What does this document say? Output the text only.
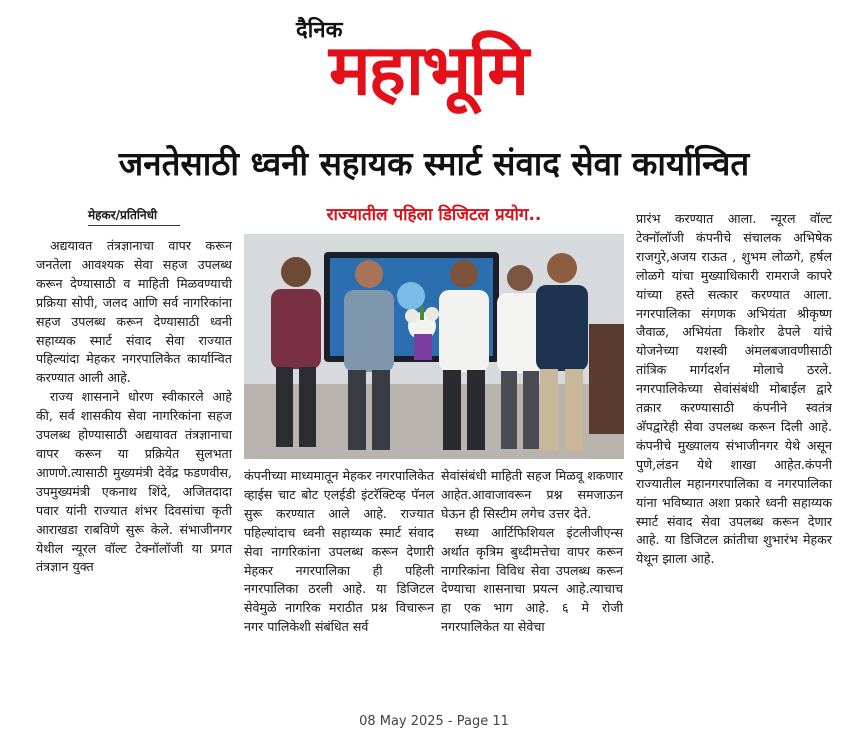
दैनिक
महाभूमि
जनतेसाठी ध्वनी सहायक स्मार्ट संवाद सेवा कार्यान्वित
मेहकर/प्रतिनिधी	राज्यातील पहिला डिजिटल प्रयोग..

अद्ययावत तंत्रज्ञानाचा वापर करून जनतेला आवश्यक सेवा सहज उपलब्ध करून देण्यासाठी व माहिती मिळवण्याची प्रक्रिया सोपी, जलद आणि सर्व नागरिकांना सहज उपलब्ध करून देण्यासाठी ध्वनी सहाय्यक स्मार्ट संवाद सेवा राज्यात पहिल्यांदा मेहकर नगरपालिकेत कार्यान्वित करण्यात आली आहे.

राज्य शासनाने धोरण स्वीकारले आहे की, सर्व शासकीय सेवा नागरिकांना सहज उपलब्ध होण्यासाठी अद्ययावत तंत्रज्ञानाचा वापर करून या प्रक्रियेत सुलभता आणणे.त्यासाठी मुख्यमंत्री देवेंद्र फडणवीस, उपमुख्यमंत्री एकनाथ शिंदे, अजितदादा पवार यांनी राज्यात शंभर दिवसांचा कृती आराखडा राबविणे सुरू केले. संभाजीनगर येथील न्यूरल वॉल्ट टेक्नॉलॉजी या प्रगत तंत्रज्ञान युक्त

कंपनीच्या माध्यमातून मेहकर नगरपालिकेत व्हाईस चाट बोट एलईडी इंटरॅक्टिव्ह पॅनल सुरू करण्यात आले आहे. राज्यात पहिल्यांदाच ध्वनी सहाय्यक स्मार्ट संवाद सेवा नागरिकांना उपलब्ध करून देणारी मेहकर नगरपालिका ही पहिली नगरपालिका ठरली आहे. या डिजिटल सेवेमुळे नागरिक मराठीत प्रश्न विचारून नगर पालिकेशी संबंधित सर्व

सेवांसंबंधी माहिती सहज मिळवू शकणार आहेत.आवाजावरून प्रश्न समजाऊन घेऊन ही सिस्टीम लगेच उत्तर देते.

सध्या आर्टिफिशियल इंटलीजीएन्स अर्थात कृत्रिम बुध्दीमत्तेचा वापर करून नागरिकांना विविध सेवा उपलब्ध करून देण्याचा शासनाचा प्रयत्न आहे.त्याचाच हा एक भाग आहे. ६ मे रोजी नगरपालिकेत या सेवेचा

प्रारंभ करण्यात आला. न्यूरल वॉल्ट टेक्नॉलॉजी कंपनीचे संचालक अभिषेक राजगुरे,अजय राऊत , शुभम लोळगे, हर्षल लोळगे यांचा मुख्याधिकारी रामराजे कापरे यांच्या हस्ते सत्कार करण्यात आला. नगरपालिका संगणक अभियंता श्रीकृष्ण जैवाळ, अभियंता किशोर ढेपले यांचे योजनेच्या यशस्वी अंमलबजावणीसाठी तांत्रिक मार्गदर्शन मोलाचे ठरले. नगरपालिकेच्या सेवांसंबंधी मोबाईल द्वारे तक्रार करण्यासाठी कंपनीने स्वतंत्र अ‍ॅपद्वारेही सेवा उपलब्ध करून दिली आहे. कंपनीचे मुख्यालय संभाजीनगर येथे असून पुणे,लंडन येथे शाखा आहेत.कंपनी राज्यातील महानगरपालिका व नगरपालिका यांना भविष्यात अशा प्रकारे ध्वनी सहाय्यक स्मार्ट संवाद सेवा उपलब्ध करून देणार आहे. या डिजिटल क्रांतीचा शुभारंभ मेहकर येथून झाला आहे.

08 May 2025 - Page 11
